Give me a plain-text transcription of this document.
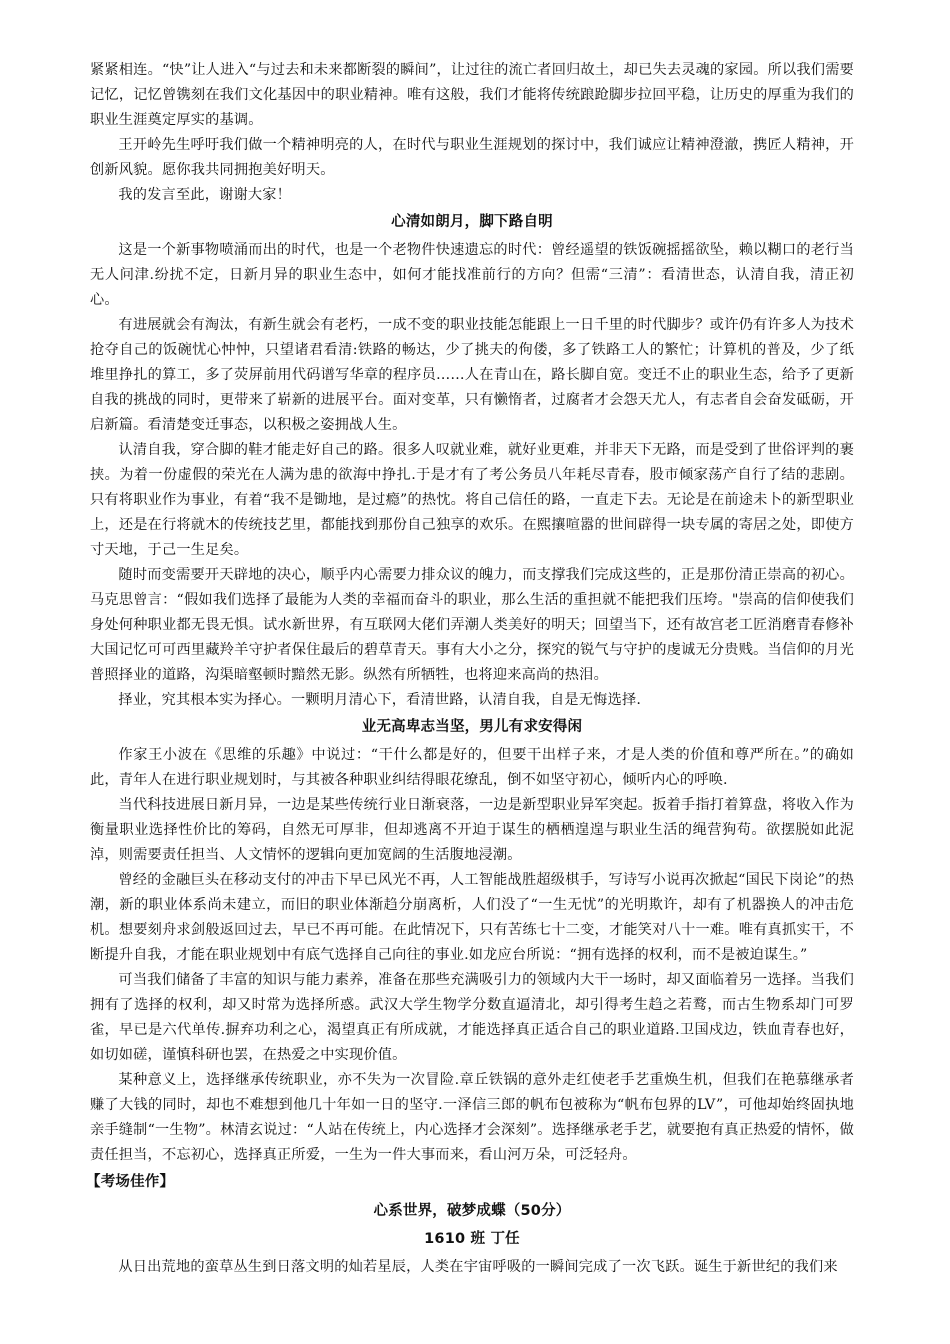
紧紧相连。“快”让人进入“与过去和未来都断裂的瞬间”，让过往的流亡者回归故土，却已失去灵魂的家园。所以我们需要记忆，记忆曾镌刻在我们文化基因中的职业精神。唯有这般，我们才能将传统踉跄脚步拉回平稳，让历史的厚重为我们的职业生涯奠定厚实的基调。

王开岭先生呼吁我们做一个精神明亮的人，在时代与职业生涯规划的探讨中，我们诚应让精神澄澈，携匠人精神，开创新风貌。愿你我共同拥抱美好明天。

我的发言至此，谢谢大家！

心清如朗月，脚下路自明

这是一个新事物喷涌而出的时代，也是一个老物件快速遗忘的时代：曾经遥望的铁饭碗摇摇欲坠，赖以糊口的老行当无人问津.纷扰不定，日新月异的职业生态中，如何才能找准前行的方向？但需“三清”：看清世态，认清自我，清正初心。

有进展就会有淘汰，有新生就会有老朽，一成不变的职业技能怎能跟上一日千里的时代脚步？或许仍有许多人为技术抢夺自己的饭碗忧心忡忡，只望诸君看清:铁路的畅达，少了挑夫的佝偻，多了铁路工人的繁忙；计算机的普及，少了纸堆里挣扎的算工，多了荧屏前用代码谱写华章的程序员……人在青山在，路长脚自宽。变迁不止的职业生态，给予了更新自我的挑战的同时，更带来了崭新的进展平台。面对变革，只有懒惰者，过腐者才会怨天尤人，有志者自会奋发砥砺，开启新篇。看清楚变迁事态，以积极之姿拥战人生。

认清自我，穿合脚的鞋才能走好自己的路。很多人叹就业难，就好业更难，并非天下无路，而是受到了世俗评判的裹挟。为着一份虚假的荣光在人满为患的欲海中挣扎.于是才有了考公务员八年耗尽青春，股市倾家荡产自行了结的悲剧。只有将职业作为事业，有着“我不是锄地，是过瘾”的热忱。将自己信任的路，一直走下去。无论是在前途未卜的新型职业上，还是在行将就木的传统技艺里，都能找到那份自己独享的欢乐。在熙攘喧嚣的世间辟得一块专属的寄居之处，即使方寸天地，于己一生足矣。

随时而变需要开天辟地的决心，顺乎内心需要力排众议的魄力，而支撑我们完成这些的，正是那份清正崇高的初心。马克思曾言：“假如我们选择了最能为人类的幸福而奋斗的职业，那么生活的重担就不能把我们压垮。"崇高的信仰使我们身处何种职业都无畏无惧。试水新世界，有互联网大佬们弄潮人类美好的明天；回望当下，还有故宫老工匠消磨青春修补大国记忆可可西里藏羚羊守护者保住最后的碧草青天。事有大小之分，探究的锐气与守护的虔诚无分贵贱。当信仰的月光普照择业的道路，沟渠暗壑顿时黯然无影。纵然有所牺牲，也将迎来高尚的热泪。

择业，究其根本实为择心。一颗明月清心下，看清世路，认清自我，自是无悔选择.

业无高卑志当坚，男儿有求安得闲

作家王小波在《思维的乐趣》中说过：“干什么都是好的，但要干出样子来，才是人类的价值和尊严所在。”的确如此，青年人在进行职业规划时，与其被各种职业纠结得眼花缭乱，倒不如坚守初心，倾听内心的呼唤.

当代科技进展日新月异，一边是某些传统行业日渐衰落，一边是新型职业异军突起。扳着手指打着算盘，将收入作为衡量职业选择性价比的筹码，自然无可厚非，但却逃离不开迫于谋生的栖栖遑遑与职业生活的绳营狗苟。欲摆脱如此泥淖，则需要责任担当、人文情怀的逻辑向更加宽阔的生活腹地浸潮。

曾经的金融巨头在移动支付的冲击下早已风光不再，人工智能战胜超级棋手，写诗写小说再次掀起“国民下岗论”的热潮，新的职业体系尚未建立，而旧的职业体渐趋分崩离析，人们没了“一生无忧”的光明欺许，却有了机器换人的冲击危机。想要刻舟求剑般返回过去，早已不再可能。在此情况下，只有苦练七十二变，才能笑对八十一难。唯有真抓实干，不断提升自我，才能在职业规划中有底气选择自己向往的事业.如龙应台所说：“拥有选择的权利，而不是被迫谋生。”

可当我们储备了丰富的知识与能力素养，准备在那些充满吸引力的领域内大干一场时，却又面临着另一选择。当我们拥有了选择的权利，却又时常为选择所惑。武汉大学生物学分数直逼清北，却引得考生趋之若鹜，而古生物系却门可罗雀，早已是六代单传.摒弃功利之心，渴望真正有所成就，才能选择真正适合自己的职业道路.卫国戍边，铁血青春也好，如切如磋，谨慎科研也罢，在热爱之中实现价值。

某种意义上，选择继承传统职业，亦不失为一次冒险.章丘铁锅的意外走红使老手艺重焕生机，但我们在艳慕继承者赚了大钱的同时，却也不难想到他几十年如一日的坚守.一泽信三郎的帆布包被称为“帆布包界的LV”，可他却始终固执地亲手缝制“一生物”。林清玄说过：“人站在传统上，内心选择才会深刻”。选择继承老手艺，就要抱有真正热爱的情怀，做责任担当，不忘初心，选择真正所爱，一生为一件大事而来，看山河万朵，可泛轻舟。

【考场佳作】
心系世界，破梦成蝶（50分）
1610 班 丁任

从日出荒地的蛮草丛生到日落文明的灿若星辰，人类在宇宙呼吸的一瞬间完成了一次飞跃。诞生于新世纪的我们来
